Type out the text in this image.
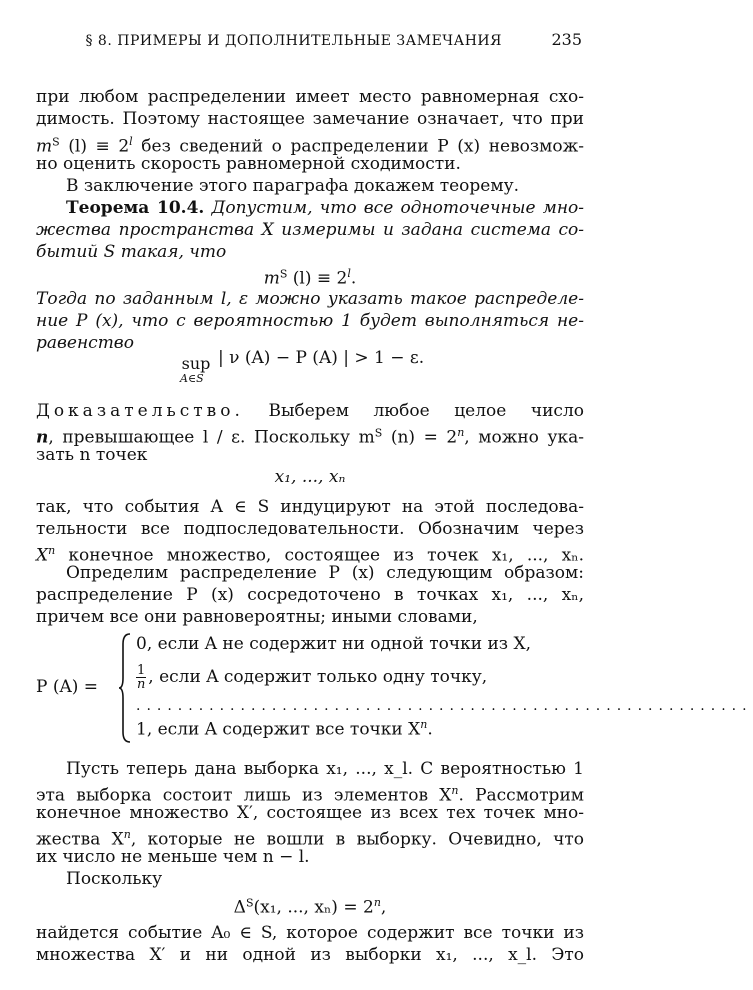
§ 8. ПРИМЕРЫ И ДОПОЛНИТЕЛЬНЫЕ ЗАМЕЧАНИЯ	235
при любом распределении имеет место равномерная схо-
димость. Поэтому настоящее замечание означает, что при
$m^S$ $(l) \equiv 2^l$ без сведений о распределении P (x) невозмож-
но оценить скорость равномерной сходимости.
В заключение этого параграфа докажем теорему.
Теорема 10.4. Допустим, что все одноточечные мно-
жества пространства X измеримы и задана система со-
бытий S такая, что
$m^S$ $(l) \equiv 2^l$.
Тогда по заданным l, ε можно указать такое распределе-
ние P (x), что с вероятностью 1 будет выполняться не-
равенство
sup
A∈S
| ν (A) − P (A) | > 1 − ε.
Доказательство. Выберем любое целое число
n, превышающее l / ε. Поскольку $m^S$ $(n) = 2^n$, можно ука-
зать n точек
x₁, ..., xₙ
так, что события A ∈ S индуцируют на этой последова-
тельности все подпоследовательности. Обозначим через
$X^n$ конечное множество, состоящее из точек x₁, ..., xₙ.
Определим распределение P (x) следующим образом:
распределение P (x) сосредоточено в точках x₁, ..., xₙ,
причем все они равновероятны; иными словами,
P (A) =
0, если A не содержит ни одной точки из X,
$\frac{1}{n}$ , если A содержит только одну точку,
...........................................................
1, если A содержит все точки $X^n$.
Пусть теперь дана выборка x₁, ..., x_l. С вероятностью 1
эта выборка состоит лишь из элементов $X^n$. Рассмотрим
конечное множество X′, состоящее из всех тех точек мно-
жества $X^n$, которые не вошли в выборку. Очевидно, что
их число не меньше чем n − l.
Поскольку
$\Delta^S(x_1$, ..., $x_n) = 2^n$,
найдется событие A₀ ∈ S, которое содержит все точки из
множества X′ и ни одной из выборки x₁, ..., x_l. Это
